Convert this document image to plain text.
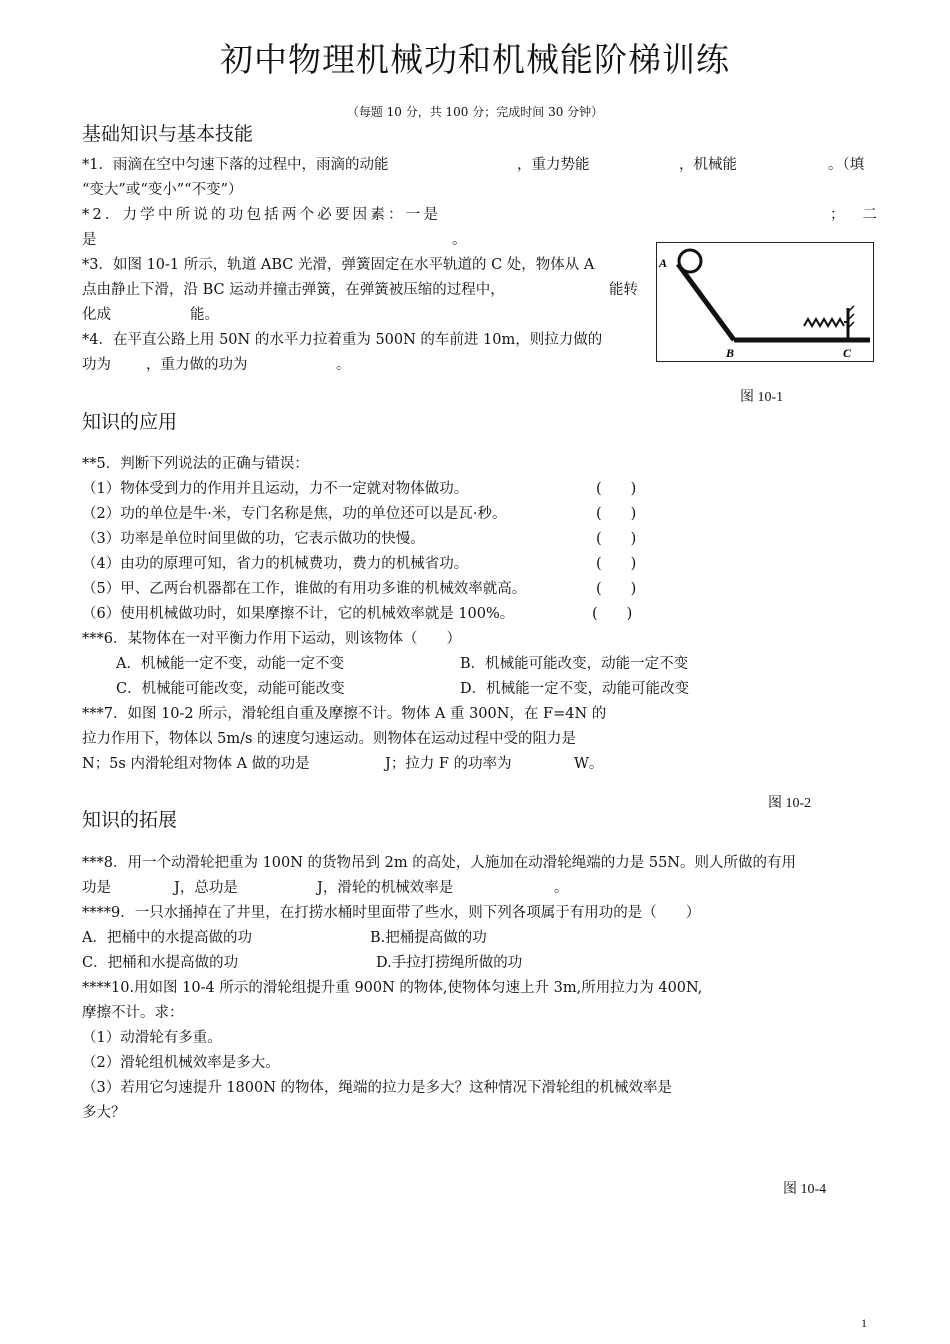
初中物理机械功和机械能阶梯训练
（每题 10 分，共 100 分；完成时间 30 分钟）
基础知识与基本技能
*1．雨滴在空中匀速下落的过程中，雨滴的动能	，重力势能	，机械能	。（填
“变大”或“变小”“不变”）
*2．力学中所说的功包括两个必要因素：一是	；二
是	。
*3．如图 10-1 所示，轨道 ABC 光滑，弹簧固定在水平轨道的 C 处，物体从 A
点由静止下滑，沿 BC 运动并撞击弹簧，在弹簧被压缩的过程中，	能转
化成	能。
*4．在平直公路上用 50N 的水平力拉着重为 500N 的车前进 10m，则拉力做的
功为 ，重力做的功为	。
A
B	C
图 10-1
知识的应用
**5．判断下列说法的正确与错误：
（1）物体受到力的作用并且运动，力不一定就对物体做功。	(　　)
（2）功的单位是牛·米，专门名称是焦，功的单位还可以是瓦·秒。	(　　)
（3）功率是单位时间里做的功，它表示做功的快慢。	(　　)
（4）由功的原理可知，省力的机械费功，费力的机械省功。	(　　)
（5）甲、乙两台机器都在工作，谁做的有用功多谁的机械效率就高。	(　　)
（6）使用机械做功时，如果摩擦不计，它的机械效率就是 100%。	(　　)
***6．某物体在一对平衡力作用下运动，则该物体（　　）
A．机械能一定不变，动能一定不变	B．机械能可能改变，动能一定不变
C．机械能可能改变，动能可能改变	D．机械能一定不变，动能可能改变
***7．如图 10-2 所示，滑轮组自重及摩擦不计。物体 A 重 300N，在 F=4N 的
拉力作用下，物体以 5m/s 的速度匀速运动。则物体在运动过程中受的阻力是
N；5s 内滑轮组对物体 A 做的功是	J；拉力 F 的功率为	W。
图 10-2
知识的拓展
***8．用一个动滑轮把重为 100N 的货物吊到 2m 的高处，人施加在动滑轮绳端的力是 55N。则人所做的有用
功是	J，总功是	J，滑轮的机械效率是	。
****9．一只水捅掉在了井里，在打捞水桶时里面带了些水，则下列各项属于有用功的是（　　）
A．把桶中的水提高做的功	B.把桶提高做的功
C．把桶和水提高做的功	D.手拉打捞绳所做的功
****10.用如图 10-4 所示的滑轮组提升重 900N 的物体,使物体匀速上升 3m,所用拉力为 400N,
摩擦不计。求：
（1）动滑轮有多重。
（2）滑轮组机械效率是多大。
（3）若用它匀速提升 1800N 的物体，绳端的拉力是多大？这种情况下滑轮组的机械效率是
多大？
图 10-4
1
